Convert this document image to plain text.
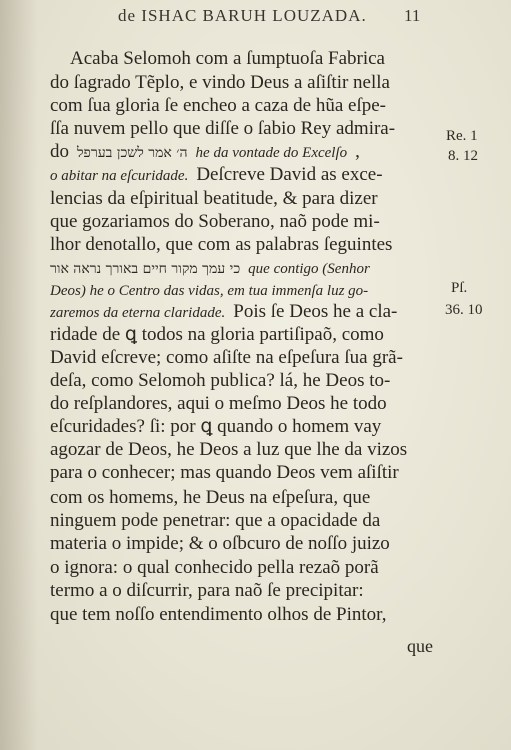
de ISHAC BARUH LOUZADA. 11
Acaba Selomoh com a ſumptuoſa Fabrica
do ſagrado Tẽplo, e vindo Deus a aſiſtir nella
com ſua gloria ſe encheo a caza de hũa eſpe-
ſſa nuvem pello que diſſe o ſabio Rey admira-
do ה׳ אמר לשכן בערפל he da vontade do Excelſo ,
o abitar na eſcuridade. Deſcreve David as exce-
lencias da eſpiritual beatitude, & para dizer
que gozariamos do Soberano, naõ pode mi-
lhor denotallo, que com as palabras ſeguintes
כי עמך מקור חיים באורך נראה אור que contigo (Senhor
Deos) he o Centro das vidas, em tua immenſa luz go-
zaremos da eterna claridade. Pois ſe Deos he a cla-
ridade de ꝗ todos na gloria partiſipaõ, como
David eſcreve; como aſiſte na eſpeſura ſua grã-
deſa, como Selomoh publica? lá, he Deos to-
do reſplandores, aqui o meſmo Deos he todo
eſcuridades? ſi: por ꝗ quando o homem vay
agozar de Deos, he Deos a luz que lhe da vizos
para o conhecer; mas quando Deos vem aſiſtir
com os homems, he Deus na eſpeſura, que
ninguem pode penetrar: que a opacidade da
materia o impide; & o oſbcuro de noſſo juizo
o ignora: o qual conhecido pella rezaõ porã
termo a o diſcurrir, para naõ ſe precipitar:
que tem noſſo entendimento olhos de Pintor,
Re. 1
8. 12
Pſ.
36. 10
que
